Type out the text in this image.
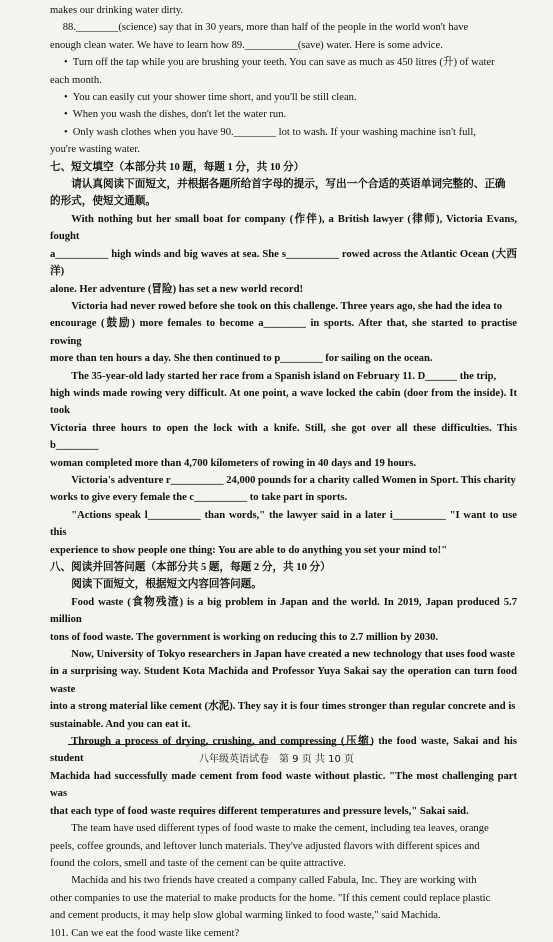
makes our drinking water dirty.

88.________(science) say that in 30 years, more than half of the people in the world won't have

enough clean water. We have to learn how 89.__________(save) water. Here is some advice.

• Turn off the tap while you are brushing your teeth. You can save as much as 450 litres (升) of water

each month.

• You can easily cut your shower time short, and you'll be still clean.

• When you wash the dishes, don't let the water run.

• Only wash clothes when you have 90.________ lot to wash. If your washing machine isn't full,

you're wasting water.

七、短文填空（本部分共 10 题，每题 1 分，共 10 分）

请认真阅读下面短文，并根据各题所给首字母的提示，写出一个合适的英语单词完整的、正确

的形式，使短文通顺。

With nothing but her small boat for company (作伴), a British lawyer (律师), Victoria Evans, fought

a__________ high winds and big waves at sea. She s__________ rowed across the Atlantic Ocean (大西洋)

alone. Her adventure (冒险) has set a new world record!

Victoria had never rowed before she took on this challenge. Three years ago, she had the idea to

encourage (鼓励) more females to become a________ in sports. After that, she started to practise rowing

more than ten hours a day. She then continued to p________ for sailing on the ocean.

The 35-year-old lady started her race from a Spanish island on February 11. D______ the trip,

high winds made rowing very difficult. At one point, a wave locked the cabin (door from the inside). It took

Victoria three hours to open the lock with a knife. Still, she got over all these difficulties. This b________

woman completed more than 4,700 kilometers of rowing in 40 days and 19 hours.

Victoria's adventure r__________ 24,000 pounds for a charity called Women in Sport. This charity

works to give every female the c__________ to take part in sports.

"Actions speak l__________ than words," the lawyer said in a later i__________ "I want to use this

experience to show people one thing: You are able to do anything you set your mind to!"

八、阅读并回答问题（本部分共 5 题，每题 2 分，共 10 分）

阅读下面短文，根据短文内容回答问题。

Food waste (食物残渣) is a big problem in Japan and the world. In 2019, Japan produced 5.7 million

tons of food waste. The government is working on reducing this to 2.7 million by 2030.

Now, University of Tokyo researchers in Japan have created a new technology that uses food waste

in a surprising way. Student Kota Machida and Professor Yuya Sakai say the operation can turn food waste

into a strong material like cement (水泥). They say it is four times stronger than regular concrete and is

sustainable. And you can eat it.

Through a process of drying, crushing, and compressing (压缩) the food waste, Sakai and his student

Machida had successfully made cement from food waste without plastic. "The most challenging part was

that each type of food waste requires different temperatures and pressure levels," Sakai said.

The team have used different types of food waste to make the cement, including tea leaves, orange

peels, coffee grounds, and leftover lunch materials. They've adjusted flavors with different spices and

found the colors, smell and taste of the cement can be quite attractive.

Machida and his two friends have created a company called Fabula, Inc. They are working with

other companies to use the material to make products for the home. "If this cement could replace plastic

and cement products, it may help slow global warming linked to food waste," said Machida.

101. Can we eat the food waste like cement?

八年级英语试卷　第 9 页 共 10 页
